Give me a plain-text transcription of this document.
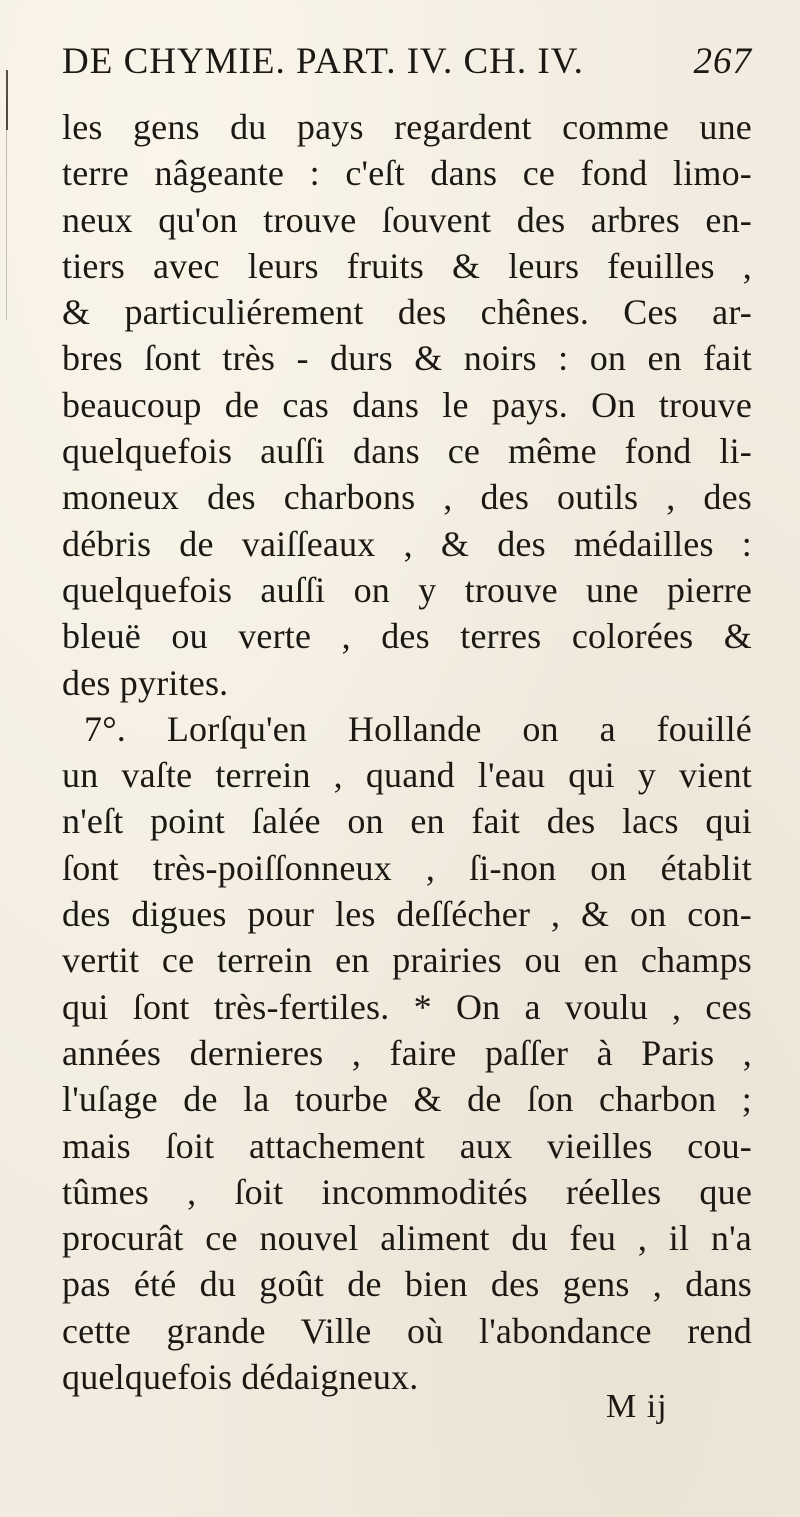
DE CHYMIE. PART. IV. CH. IV.	267
les gens du pays regardent comme une
terre nâgeante : c'eſt dans ce fond limo-
neux qu'on trouve ſouvent des arbres en-
tiers avec leurs fruits & leurs feuilles ,
& particuliérement des chênes. Ces ar-
bres ſont très - durs & noirs : on en fait
beaucoup de cas dans le pays. On trouve
quelquefois auſſi dans ce même fond li-
moneux des charbons , des outils , des
débris de vaiſſeaux , & des médailles :
quelquefois auſſi on y trouve une pierre
bleuë ou verte , des terres colorées &
des pyrites.
7°. Lorſqu'en Hollande on a fouillé
un vaſte terrein , quand l'eau qui y vient
n'eſt point ſalée on en fait des lacs qui
ſont très-poiſſonneux , ſi-non on établit
des digues pour les deſſécher , & on con-
vertit ce terrein en prairies ou en champs
qui ſont très-fertiles. * On a voulu , ces
années dernieres , faire paſſer à Paris ,
l'uſage de la tourbe & de ſon charbon ;
mais ſoit attachement aux vieilles cou-
tûmes , ſoit incommodités réelles que
procurât ce nouvel aliment du feu , il n'a
pas été du goût de bien des gens , dans
cette grande Ville où l'abondance rend
quelquefois dédaigneux.
M ij
